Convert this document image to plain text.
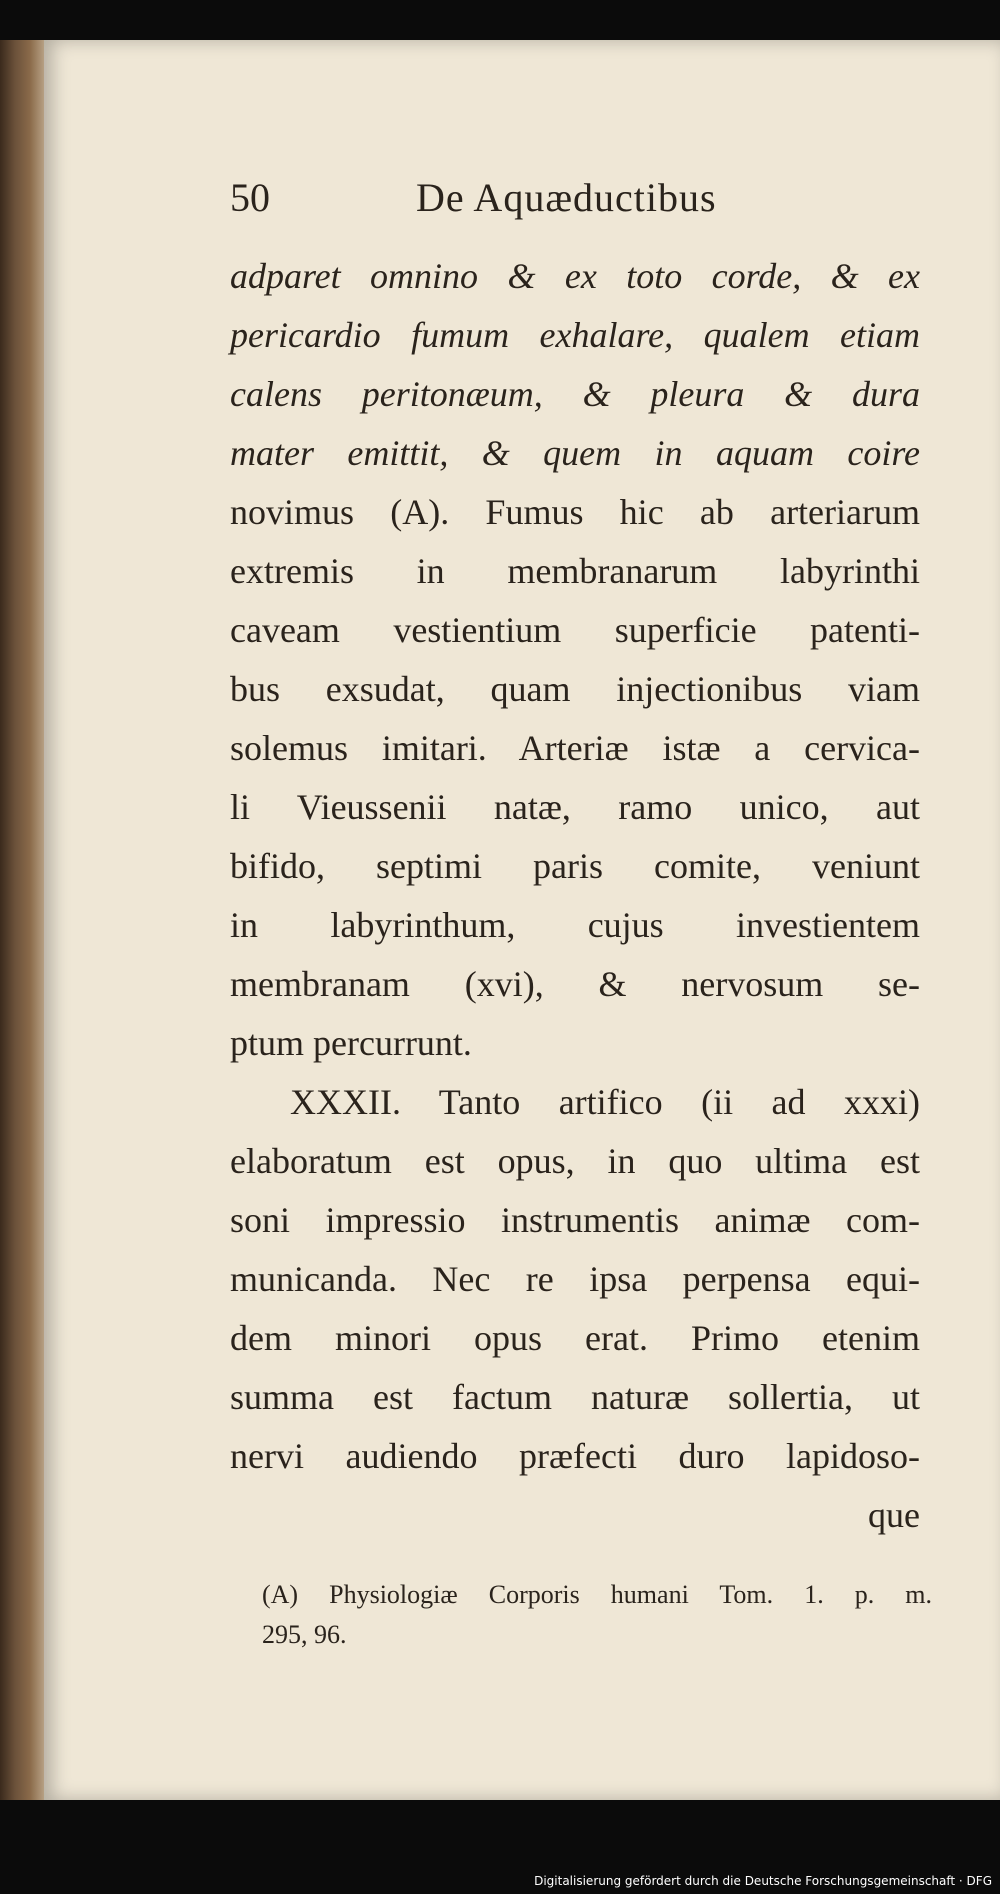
50	De Aquæductibus
adparet omnino & ex toto corde, & ex
pericardio fumum exhalare, qualem etiam
calens peritonæum, & pleura & dura
mater emittit, & quem in aquam coire
novimus (A). Fumus hic ab arteriarum
extremis in membranarum labyrinthi
caveam vestientium superficie patenti-
bus exsudat, quam injectionibus viam
solemus imitari. Arteriæ istæ a cervica-
li Vieussenii natæ, ramo unico, aut
bifido, septimi paris comite, veniunt
in labyrinthum, cujus investientem
membranam (xvi), & nervosum se-
ptum percurrunt.
XXXII. Tanto artifico (ii ad xxxi)
elaboratum est opus, in quo ultima est
soni impressio instrumentis animæ com-
municanda. Nec re ipsa perpensa equi-
dem minori opus erat. Primo etenim
summa est factum naturæ sollertia, ut
nervi audiendo præfecti duro lapidoso-
que
(A) Physiologiæ Corporis humani Tom. 1. p. m.
295, 96.
Digitalisierung gefördert durch die Deutsche Forschungsgemeinschaft · DFG
